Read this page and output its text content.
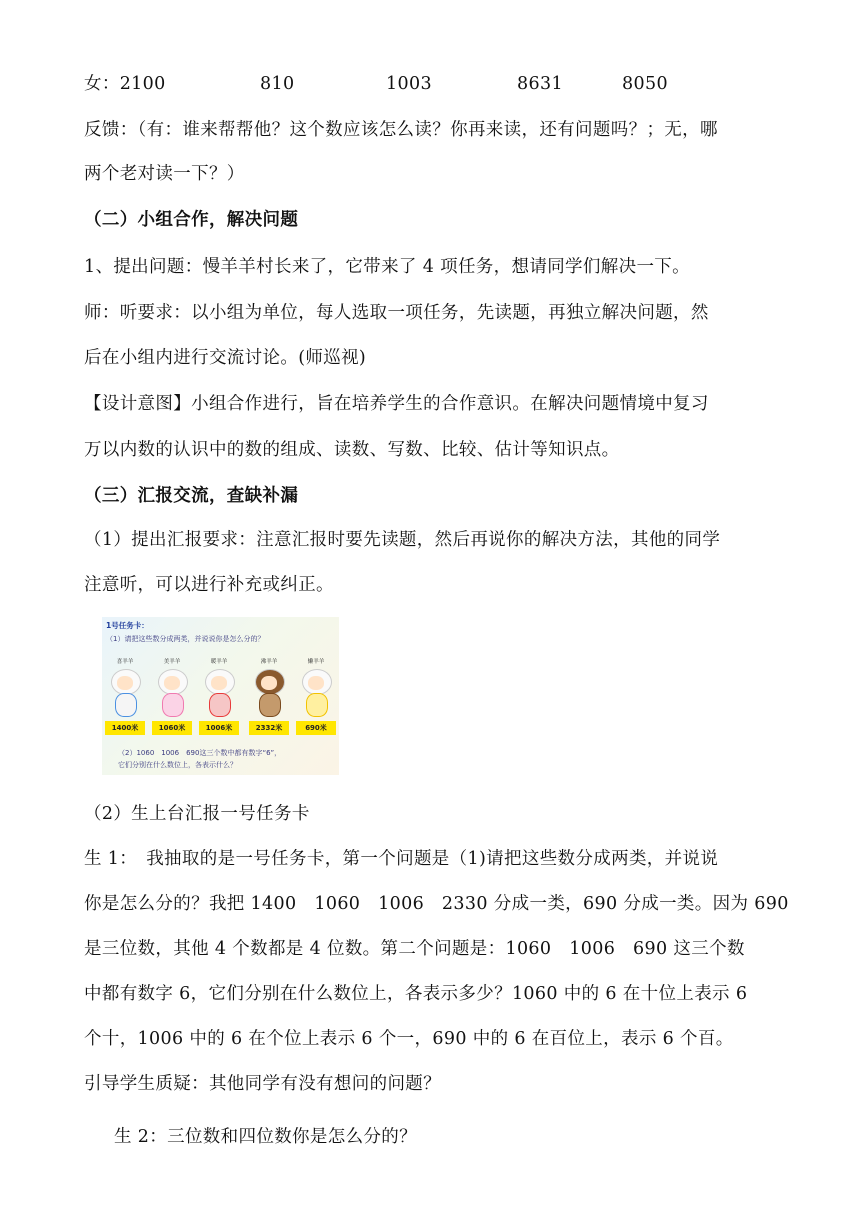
女：2100	810	1003	8631	8050
反馈：（有：谁来帮帮他？这个数应该怎么读？你再来读，还有问题吗？；无，哪
两个老对读一下？）
（二）小组合作，解决问题
1、提出问题：慢羊羊村长来了，它带来了 4 项任务，想请同学们解决一下。
师：听要求：以小组为单位，每人选取一项任务，先读题，再独立解决问题，然
后在小组内进行交流讨论。(师巡视)
【设计意图】小组合作进行，旨在培养学生的合作意识。在解决问题情境中复习
万以内数的认识中的数的组成、读数、写数、比较、估计等知识点。
（三）汇报交流，查缺补漏
（1）提出汇报要求：注意汇报时要先读题，然后再说你的解决方法，其他的同学
注意听，可以进行补充或纠正。
1号任务卡：
（1）请把这些数分成两类，并说说你是怎么分的？
喜羊羊
1400米
美羊羊
1060米
暖羊羊
1006米
沸羊羊
2332米
懒羊羊
690米
（2）1060　1006　690这三个数中都有数字“6”，
它们分别在什么数位上，各表示什么？
（2）生上台汇报一号任务卡
生 1：　我抽取的是一号任务卡，第一个问题是（1)请把这些数分成两类，并说说
你是怎么分的？我把 1400　1060　1006　2330 分成一类，690 分成一类。因为 690
是三位数，其他 4 个数都是 4 位数。第二个问题是：1060　1006　690 这三个数
中都有数字 6，它们分别在什么数位上，各表示多少？1060 中的 6 在十位上表示 6
个十，1006 中的 6 在个位上表示 6 个一，690 中的 6 在百位上，表示 6 个百。
引导学生质疑：其他同学有没有想问的问题？
生 2：三位数和四位数你是怎么分的？
